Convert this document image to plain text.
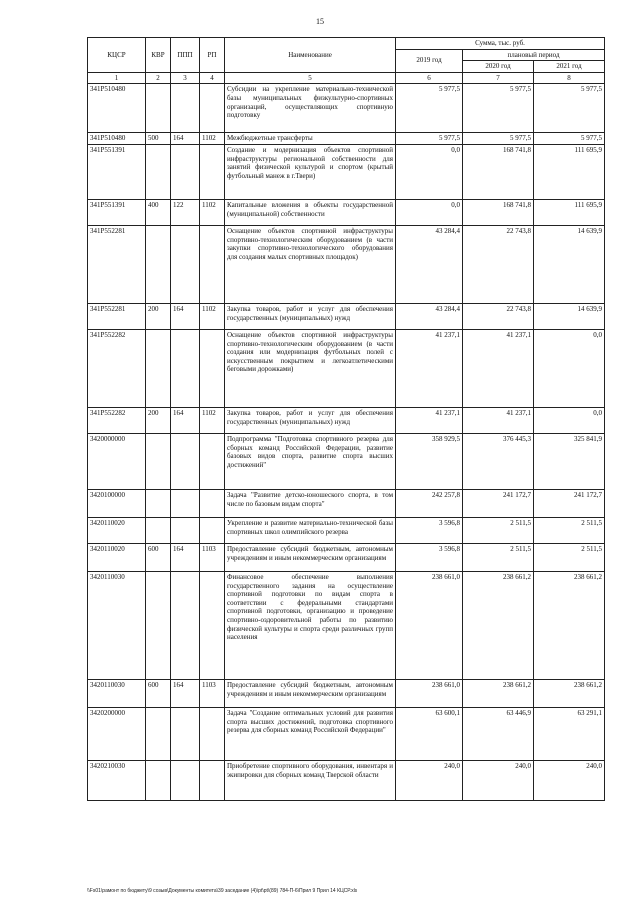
15
КЦСР	КВР	ППП	РП	Наименование	Сумма, тыс. руб.		
					2019 год	плановый период	
						2020 год	2021 год
1	2	3	4	5	6	7	8
341P510480				Субсидии на укрепление материально-технической базы муниципальных физкультурно-спортивных организаций, осуществляющих спортивную подготовку	5 977,5	5 977,5	5 977,5
341P510480	500	164	1102	Межбюджетные трансферты	5 977,5	5 977,5	5 977,5
341P551391				Создание и модернизация объектов спортивной инфраструктуры региональной собственности для занятий физической культурой и спортом (крытый футбольный манеж в г.Твери)	0,0	168 741,8	111 695,9
341P551391	400	122	1102	Капитальные вложения в объекты государственной (муниципальной) собственности	0,0	168 741,8	111 695,9
341P552281				Оснащение объектов спортивной инфраструктуры спортивно-технологическим оборудованием (в части закупки спортивно-технологического оборудования для создания малых спортивных площадок)	43 284,4	22 743,8	14 639,9
341P552281	200	164	1102	Закупка товаров, работ и услуг для обеспечения государственных (муниципальных) нужд	43 284,4	22 743,8	14 639,9
341P552282				Оснащение объектов спортивной инфраструктуры спортивно-технологическим оборудованием (в части создания или модернизация футбольных полей с искусственным покрытием и легкоатлетическими беговыми дорожками)	41 237,1	41 237,1	0,0
341P552282	200	164	1102	Закупка товаров, работ и услуг для обеспечения государственных (муниципальных) нужд	41 237,1	41 237,1	0,0
3420000000				Подпрограмма "Подготовка спортивного резерва для сборных команд Российской Федерации, развитие базовых видов спорта, развитие спорта высших достижений"	358 929,5	376 445,3	325 841,9
3420100000				Задача "Развитие детско-юношеского спорта, в том числе по базовым видам спорта"	242 257,8	241 172,7	241 172,7
3420110020				Укрепление и развитие материально-технической базы спортивных школ олимпийского резерва	3 596,8	2 511,5	2 511,5
3420110020	600	164	1103	Предоставление субсидий бюджетным, автономным учреждениям и иным некоммерческим организациям	3 596,8	2 511,5	2 511,5
3420110030				Финансовое обеспечение выполнения государственного задания на осуществление спортивной подготовки по видам спорта в соответствии с федеральными стандартами спортивной подготовки, организацию и проведение спортивно-оздоровительной работы по развитию физической культуры и спорта среди различных групп населения	238 661,0	238 661,2	238 661,2
3420110030	600	164	1103	Предоставление субсидий бюджетным, автономным учреждениям и иным некоммерческим организациям	238 661,0	238 661,2	238 661,2
3420200000				Задача "Создание оптимальных условий для развития спорта высших достижений, подготовка спортивного резерва для сборных команд Российской Федерации"	63 600,1	63 446,9	63 291,1
3420210030				Приобретение спортивного оборудования, инвентаря и экипировки для сборных команд Тверской области	240,0	240,0	240,0
\\Fs01\рамонт по бюджету\9 созыв\Документы комитета\39 заседание (4)\pt\pt\(89) 784-П-6\Прил 9 Прил 14 КЦСР.xls
